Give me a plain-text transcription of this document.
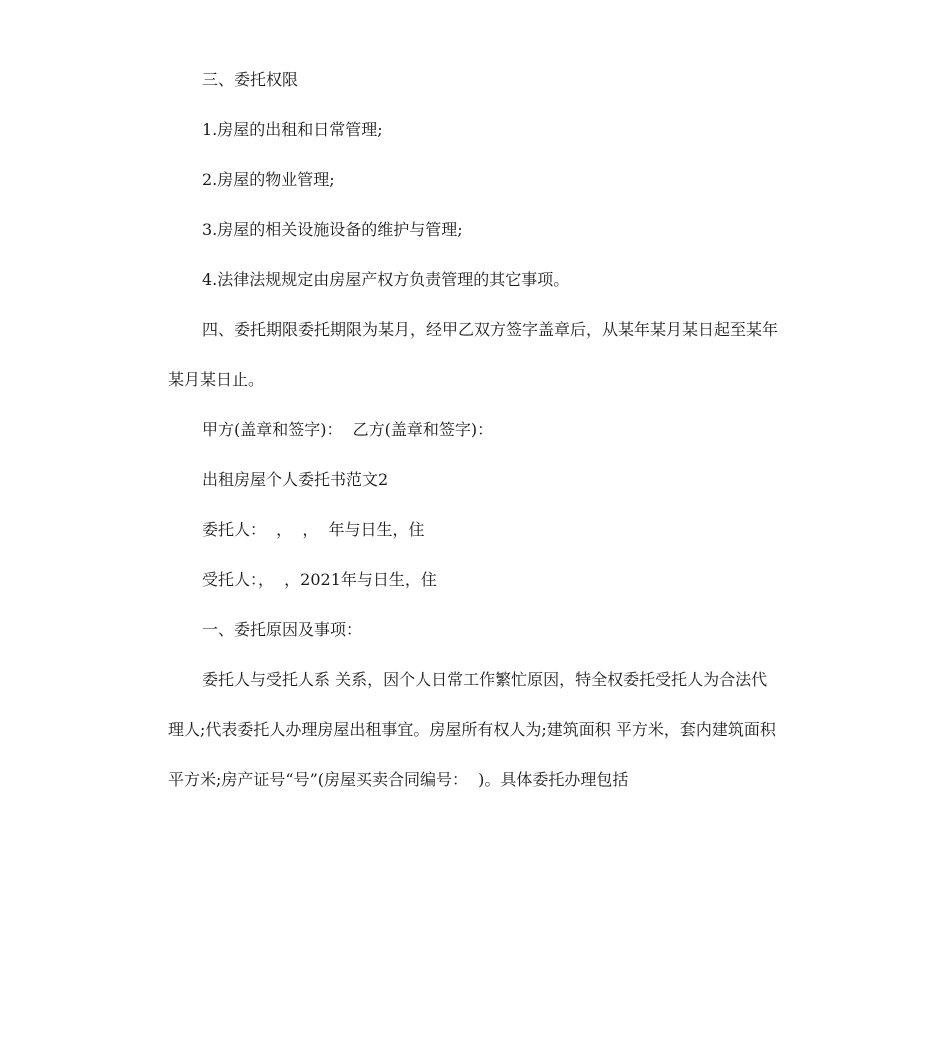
三、委托权限

1.房屋的出租和日常管理;

2.房屋的物业管理;

3.房屋的相关设施设备的维护与管理;

4.法律法规规定由房屋产权方负责管理的其它事项。

四、委托期限委托期限为某月，经甲乙双方签字盖章后，从某年某月某日起至某年某月某日止。

甲方(盖章和签字)：  乙方(盖章和签字)：

出租房屋个人委托书范文2

委托人：  ，  ，  年与日生，住

受托人：，  ，2021年与日生，住

一、委托原因及事项：

委托人与受托人系 关系，因个人日常工作繁忙原因，特全权委托受托人为合法代理人;代表委托人办理房屋出租事宜。房屋所有权人为;建筑面积 平方米，套内建筑面积 平方米;房产证号“号”(房屋买卖合同编号：  )。具体委托办理包括
